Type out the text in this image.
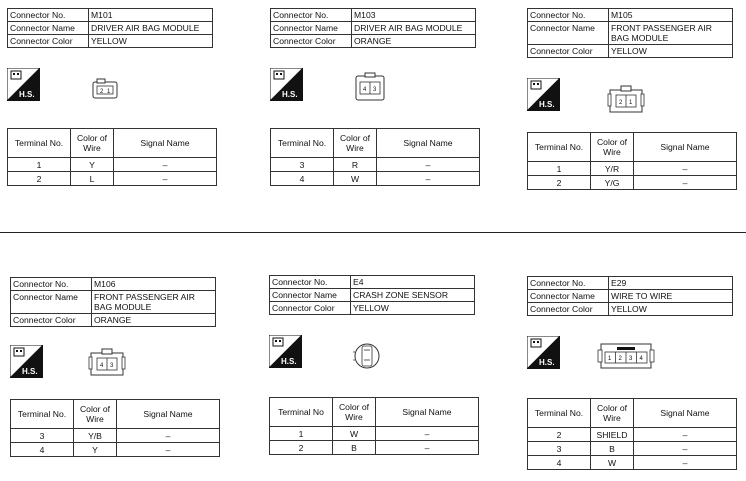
Connector No.	M101
Connector Name	DRIVER AIR BAG MODULE
Connector Color	YELLOW
H.S.	2 1
Terminal No.	Color of Wire	Signal Name
1	Y	–
2	L	–
Connector No.	M103
Connector Name	DRIVER AIR BAG MODULE
Connector Color	ORANGE
H.S.	4 3
Terminal No.	Color of Wire	Signal Name
3	R	–
4	W	–
Connector No.	M105
Connector Name	FRONT PASSENGER AIR BAG MODULE
Connector Color	YELLOW
H.S.	2 1
Terminal No.	Color of Wire	Signal Name
1	Y/R	–
2	Y/G	–
Connector No.	M106
Connector Name	FRONT PASSENGER AIR BAG MODULE
Connector Color	ORANGE
H.S.
4 3
Terminal No.	Color of Wire	Signal Name
3	Y/B	–
4	Y	–
Connector No.	E4
Connector Name	CRASH ZONE SENSOR
Connector Color	YELLOW
H.S.
Terminal No	Color of Wire	Signal Name
1	W	–
2	B	–
Connector No.	E29
Connector Name	WIRE TO WIRE
Connector Color	YELLOW
H.S.	1 2 3 4
Terminal No.	Color of Wire	Signal Name
2	SHIELD	–
3	B	–
4	W	–
